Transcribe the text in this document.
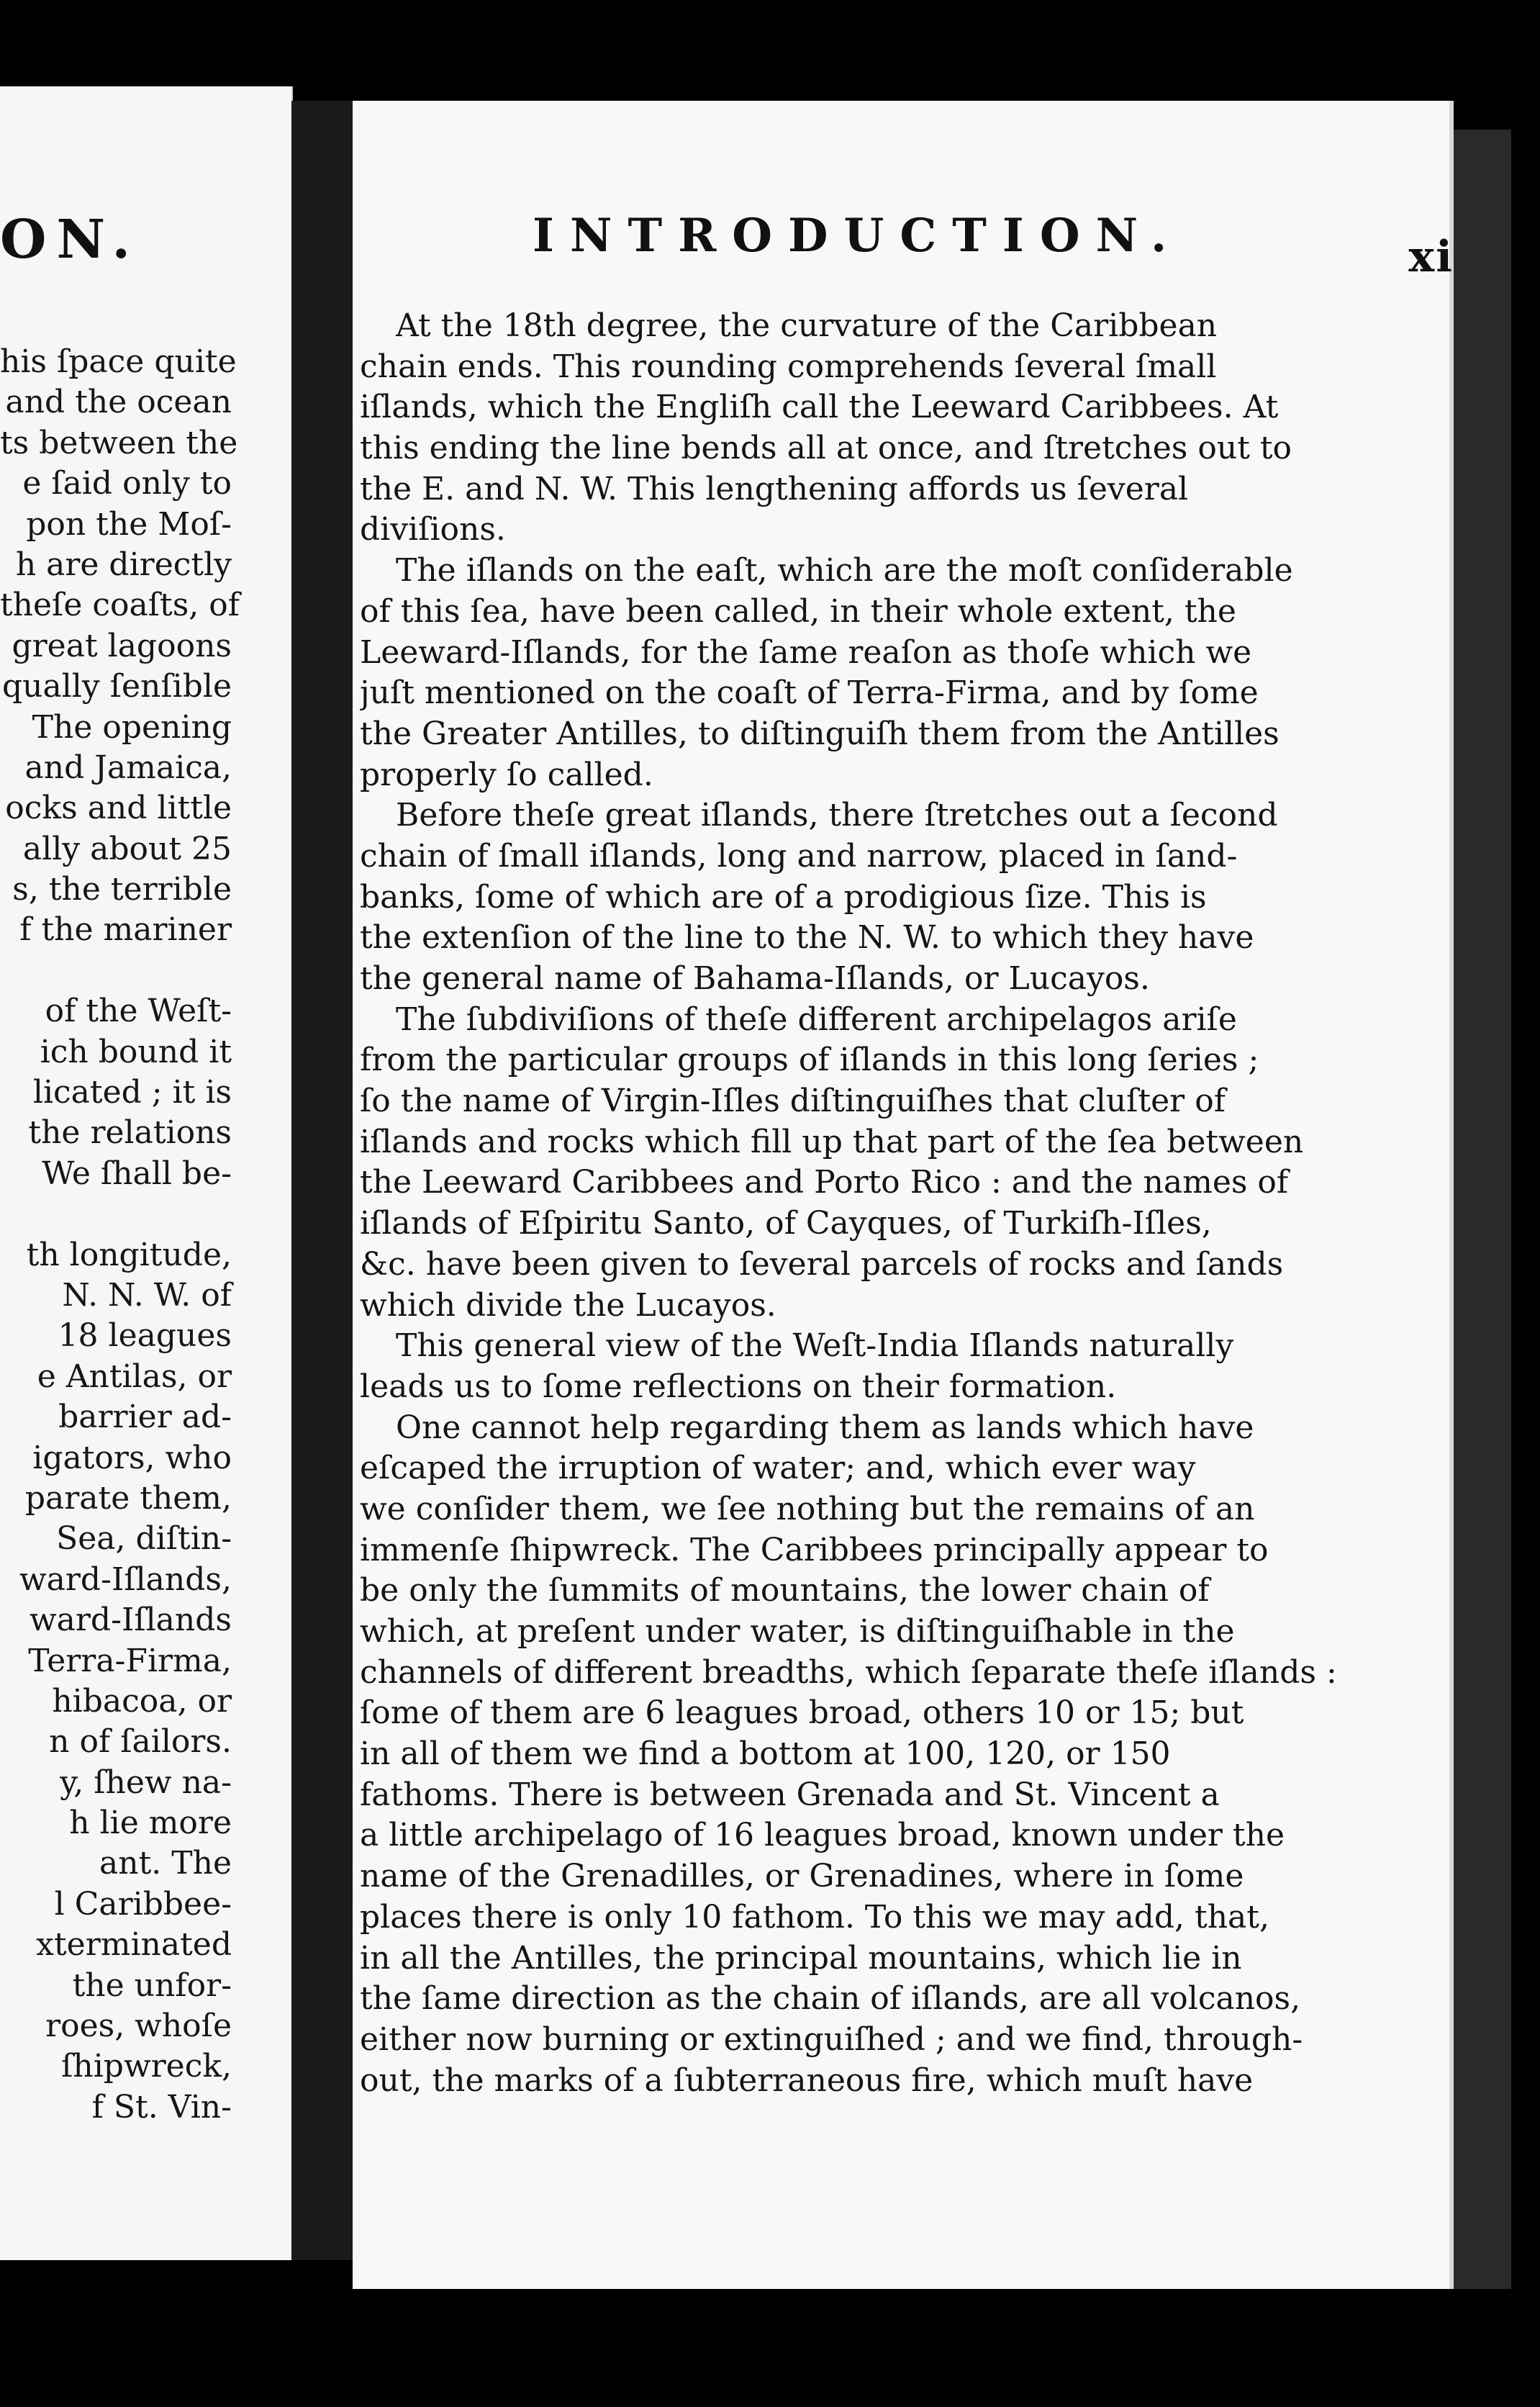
ON.
his ſpace quite
and the ocean
ts between the
e ſaid only to
pon the Moſ-
h are directly
theſe coaſts, of
great lagoons
qually ſenſible
The opening
and Jamaica,
ocks and little
ally about 25
s, the terrible
f the mariner
of the Weſt-
ich bound it
licated ; it is
the relations
We ſhall be-
th longitude,
N. N. W. of
18 leagues
e Antilas, or
barrier ad-
igators, who
parate them,
Sea, diſtin-
ward-Iſlands,
ward-Iſlands
Terra-Firma,
hibacoa, or
n of ſailors.
y, ſhew na-
h lie more
ant. The
l Caribbee-
xterminated
the unfor-
roes, whoſe
ſhipwreck,
f St. Vin-
INTRODUCTION.	xi
At the 18th degree, the curvature of the Caribbean
chain ends. This rounding comprehends ſeveral ſmall
iſlands, which the Engliſh call the Leeward Caribbees. At
this ending the line bends all at once, and ſtretches out to
the E. and N. W. This lengthening affords us ſeveral
diviſions.
The iſlands on the eaſt, which are the moſt conſiderable
of this ſea, have been called, in their whole extent, the
Leeward-Iſlands, for the ſame reaſon as thoſe which we
juſt mentioned on the coaſt of Terra-Firma, and by ſome
the Greater Antilles, to diſtinguiſh them from the Antilles
properly ſo called.
Before theſe great iſlands, there ſtretches out a ſecond
chain of ſmall iſlands, long and narrow, placed in ſand-
banks, ſome of which are of a prodigious ſize. This is
the extenſion of the line to the N. W. to which they have
the general name of Bahama-Iſlands, or Lucayos.
The ſubdiviſions of theſe different archipelagos ariſe
from the particular groups of iſlands in this long ſeries ;
ſo the name of Virgin-Iſles diſtinguiſhes that cluſter of
iſlands and rocks which fill up that part of the ſea between
the Leeward Caribbees and Porto Rico : and the names of
iſlands of Eſpiritu Santo, of Cayques, of Turkiſh-Iſles,
&c. have been given to ſeveral parcels of rocks and ſands
which divide the Lucayos.
This general view of the Weſt-India Iſlands naturally
leads us to ſome reflections on their formation.
One cannot help regarding them as lands which have
eſcaped the irruption of water; and, which ever way
we conſider them, we ſee nothing but the remains of an
immenſe ſhipwreck. The Caribbees principally appear to
be only the ſummits of mountains, the lower chain of
which, at preſent under water, is diſtinguiſhable in the
channels of different breadths, which ſeparate theſe iſlands :
ſome of them are 6 leagues broad, others 10 or 15; but
in all of them we find a bottom at 100, 120, or 150
fathoms. There is between Grenada and St. Vincent a
a little archipelago of 16 leagues broad, known under the
name of the Grenadilles, or Grenadines, where in ſome
places there is only 10 fathom. To this we may add, that,
in all the Antilles, the principal mountains, which lie in
the ſame direction as the chain of iſlands, are all volcanos,
either now burning or extinguiſhed ; and we find, through-
out, the marks of a ſubterraneous fire, which muſt have
